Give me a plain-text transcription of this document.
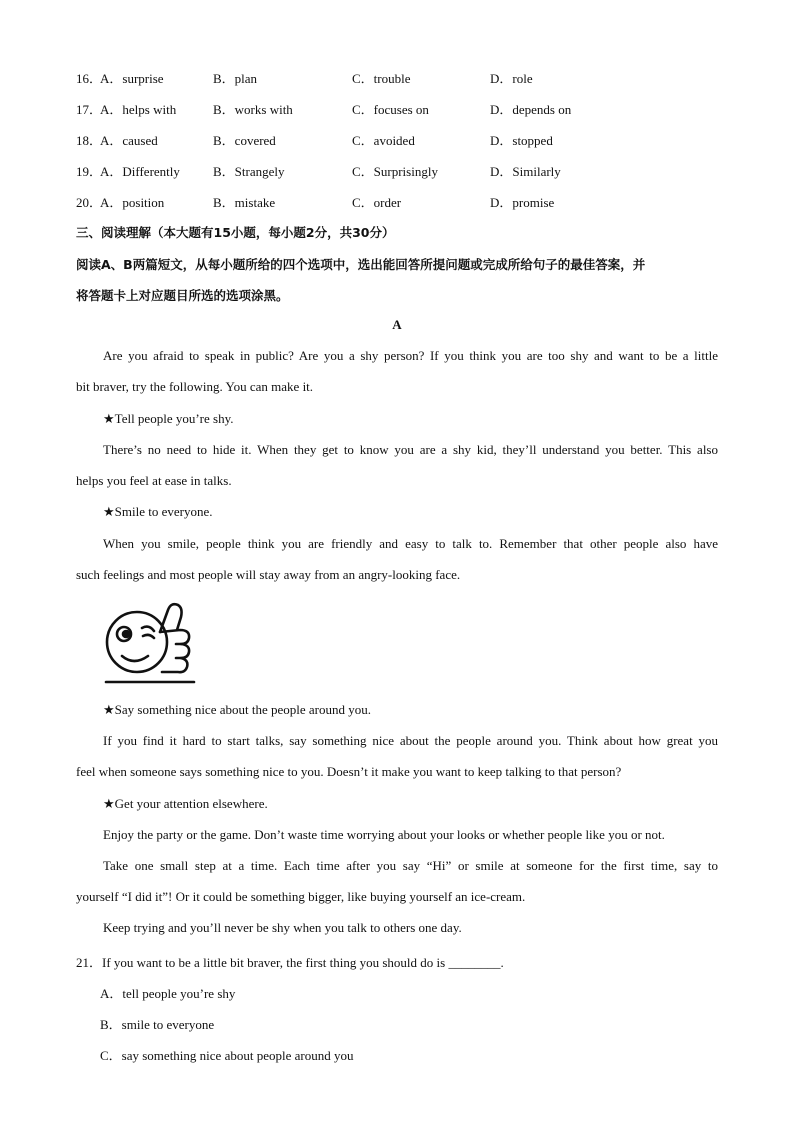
16．
A．surprise	B．plan	C．trouble	D．role
17．
A．helps with	B．works with	C．focuses on	D．depends on
18．
A．caused	B．covered	C．avoided	D．stopped
19．
A．Differently	B．Strangely	C．Surprisingly	D．Similarly
20．
A．position	B．mistake	C．order	D．promise
三、阅读理解（本大题有15小题，每小题2分，共30分）
阅读A、B两篇短文，从每小题所给的四个选项中，选出能回答所提问题或完成所给句子的最佳答案，并
将答题卡上对应题目所选的选项涂黑。
A
Are you afraid to speak in public? Are you a shy person? If you think you are too shy and want to be a little
bit braver, try the following. You can make it.
★Tell people you’re shy.
There’s no need to hide it. When they get to know you are a shy kid, they’ll understand you better. This also
helps you feel at ease in talks.
★Smile to everyone.
When you smile, people think you are friendly and easy to talk to. Remember that other people also have
such feelings and most people will stay away from an angry-looking face.
★Say something nice about the people around you.
If you find it hard to start talks, say something nice about the people around you. Think about how great you
feel when someone says something nice to you. Doesn’t it make you want to keep talking to that person?
★Get your attention elsewhere.
Enjoy the party or the game. Don’t waste time worrying about your looks or whether people like you or not.
Take one small step at a time. Each time after you say “Hi” or smile at someone for the first time, say to
yourself “I did it”! Or it could be something bigger, like buying yourself an ice-cream.
Keep trying and you’ll never be shy when you talk to others one day.
21．If you want to be a little bit braver, the first thing you should do is ________.
A．tell people you’re shy
B．smile to everyone
C．say something nice about people around you
